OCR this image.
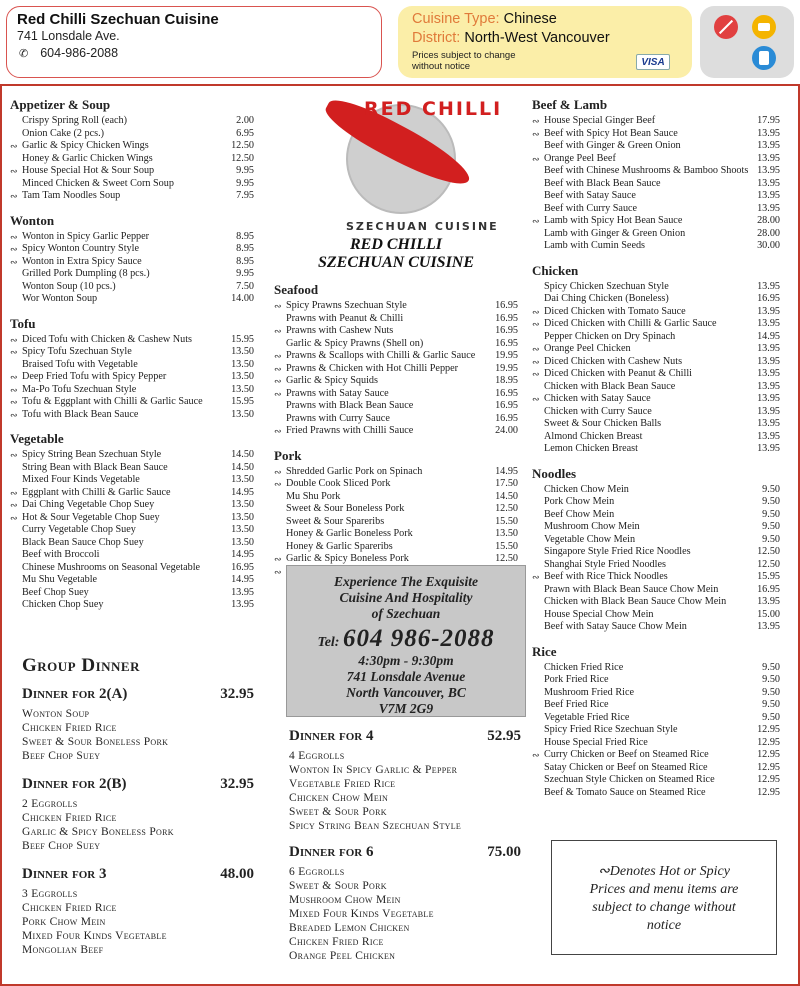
Red Chilli Szechuan Cuisine
741 Lonsdale Ave.
✆ 604-986-2088
Cuisine Type: Chinese
District: North-West Vancouver
Prices subject to change without notice	VISA
Appetizer & Soup
Crispy Spring Roll (each)	2.00
Onion Cake (2 pcs.)	6.95
∾ Garlic & Spicy Chicken Wings	12.50
Honey & Garlic Chicken Wings	12.50
∾ House Special Hot & Sour Soup	9.95
Minced Chicken & Sweet Corn Soup	9.95
∾ Tam Tam Noodles Soup	7.95
Wonton
∾ Wonton in Spicy Garlic Pepper	8.95
∾ Spicy Wonton Country Style	8.95
∾ Wonton in Extra Spicy Sauce	8.95
Grilled Pork Dumpling (8 pcs.)	9.95
Wonton Soup (10 pcs.)	7.50
Wor Wonton Soup	14.00
Tofu
∾ Diced Tofu with Chicken & Cashew Nuts	15.95
∾ Spicy Tofu Szechuan Style	13.50
Braised Tofu with Vegetable	13.50
∾ Deep Fried Tofu with Spicy Pepper	13.50
∾ Ma-Po Tofu Szechuan Style	13.50
∾ Tofu & Eggplant with Chilli & Garlic Sauce	15.95
∾ Tofu with Black Bean Sauce	13.50
Vegetable
∾ Spicy String Bean Szechuan Style	14.50
String Bean with Black Bean Sauce	14.50
Mixed Four Kinds Vegetable	13.50
∾ Eggplant with Chilli & Garlic Sauce	14.95
∾ Dai Ching Vegetable Chop Suey	13.50
∾ Hot & Sour Vegetable Chop Suey	13.50
Curry Vegetable Chop Suey	13.50
Black Bean Sauce Chop Suey	13.50
Beef with Broccoli	14.95
Chinese Mushrooms on Seasonal Vegetable	16.95
Mu Shu Vegetable	14.95
Beef Chop Suey	13.95
Chicken Chop Suey	13.95
RED CHILLI
SZECHUAN CUISINE
RED CHILLI
SZECHUAN CUISINE
Seafood
∾ Spicy Prawns Szechuan Style	16.95
Prawns with Peanut & Chilli	16.95
∾ Prawns with Cashew Nuts	16.95
Garlic & Spicy Prawns (Shell on)	16.95
∾ Prawns & Scallops with Chilli & Garlic Sauce	19.95
∾ Prawns & Chicken with Hot Chilli Pepper	19.95
∾ Garlic & Spicy Squids	18.95
∾ Prawns with Satay Sauce	16.95
Prawns with Black Bean Sauce	16.95
Prawns with Curry Sauce	16.95
∾ Fried Prawns with Chilli Sauce	24.00
Pork
∾ Shredded Garlic Pork on Spinach	14.95
∾ Double Cook Sliced Pork	17.50
Mu Shu Pork	14.50
Sweet & Sour Boneless Pork	12.50
Sweet & Sour Spareribs	15.50
Honey & Garlic Boneless Pork	13.50
Honey & Garlic Spareribs	15.50
∾ Garlic & Spicy Boneless Pork	12.50
∾
Experience The Exquisite
Cuisine And Hospitality
of Szechuan
Tel: 604 986-2088
4:30pm - 9:30pm
741 Lonsdale Avenue
North Vancouver, BC
V7M 2G9
Beef & Lamb
∾ House Special Ginger Beef	17.95
∾ Beef with Spicy Hot Bean Sauce	13.95
Beef with Ginger & Green Onion	13.95
∾ Orange Peel Beef	13.95
Beef with Chinese Mushrooms & Bamboo Shoots 13.95
Beef with Black Bean Sauce	13.95
Beef with Satay Sauce	13.95
Beef with Curry Sauce	13.95
∾ Lamb with Spicy Hot Bean Sauce	28.00
Lamb with Ginger & Green Onion	28.00
Lamb with Cumin Seeds	30.00
Chicken
Spicy Chicken Szechuan Style	13.95
Dai Ching Chicken (Boneless)	16.95
∾ Diced Chicken with Tomato Sauce	13.95
∾ Diced Chicken with Chilli & Garlic Sauce	13.95
Pepper Chicken on Dry Spinach	14.95
∾ Orange Peel Chicken	13.95
∾ Diced Chicken with Cashew Nuts	13.95
∾ Diced Chicken with Peanut & Chilli	13.95
Chicken with Black Bean Sauce	13.95
∾ Chicken with Satay Sauce	13.95
Chicken with Curry Sauce	13.95
Sweet & Sour Chicken Balls	13.95
Almond Chicken Breast	13.95
Lemon Chicken Breast	13.95
Noodles
Chicken Chow Mein	9.50
Pork Chow Mein	9.50
Beef Chow Mein	9.50
Mushroom Chow Mein	9.50
Vegetable Chow Mein	9.50
Singapore Style Fried Rice Noodles	12.50
Shanghai Style Fried Noodles	12.50
∾ Beef with Rice Thick Noodles	15.95
Prawn with Black Bean Sauce Chow Mein	16.95
Chicken with Black Bean Sauce Chow Mein	13.95
House Special Chow Mein	15.00
Beef with Satay Sauce Chow Mein	13.95
Rice
Chicken Fried Rice	9.50
Pork Fried Rice	9.50
Mushroom Fried Rice	9.50
Beef Fried Rice	9.50
Vegetable Fried Rice	9.50
Spicy Fried Rice Szechuan Style	12.95
House Special Fried Rice	12.95
∾ Curry Chicken or Beef on Steamed Rice	12.95
Satay Chicken or Beef on Steamed Rice	12.95
Szechuan Style Chicken on Steamed Rice	12.95
Beef & Tomato Sauce on Steamed Rice	12.95
Group Dinner
Dinner for 2(A)	32.95
Wonton Soup
Chicken Fried Rice
Sweet & Sour Boneless Pork
Beef Chop Suey
Dinner for 2(B)	32.95
2 Eggrolls
Chicken Fried Rice
Garlic & Spicy Boneless Pork
Beef Chop Suey
Dinner for 3	48.00
3 Eggrolls
Chicken Fried Rice
Pork Chow Mein
Mixed Four Kinds Vegetable
Mongolian Beef
Dinner for 4	52.95
4 Eggrolls
Wonton In Spicy Garlic & Pepper
Vegetable Fried Rice
Chicken Chow Mein
Sweet & Sour Pork
Spicy String Bean Szechuan Style
Dinner for 6	75.00
6 Eggrolls
Sweet & Sour Pork
Mushroom Chow Mein
Mixed Four Kinds Vegetable
Breaded Lemon Chicken
Chicken Fried Rice
Orange Peel Chicken
∾Denotes Hot or Spicy
Prices and menu items are
subject to change without
notice
